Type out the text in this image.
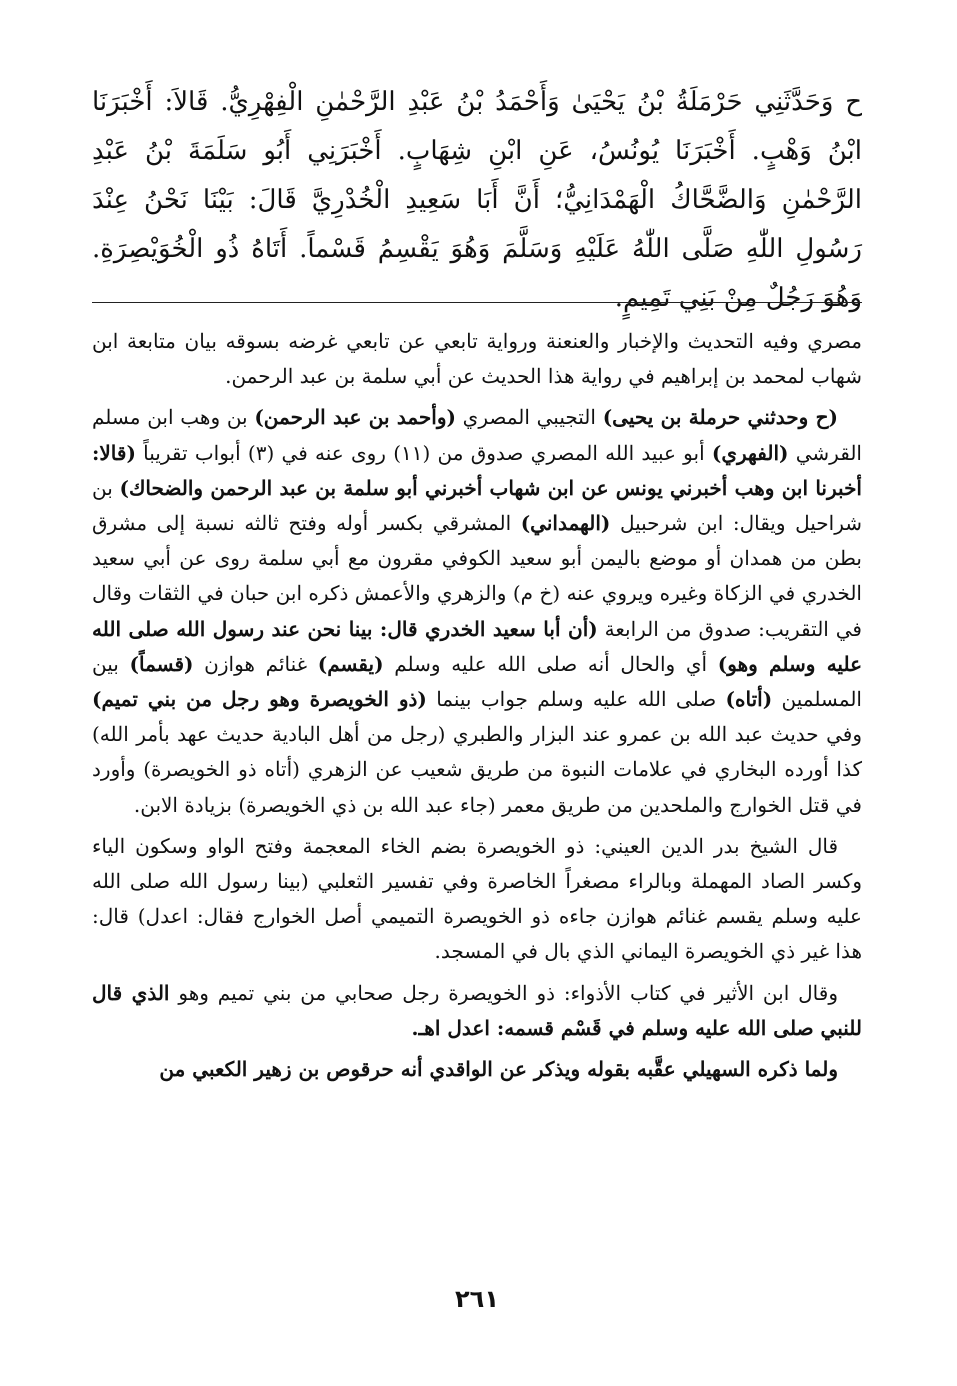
ح وَحَدَّثَنِي حَرْمَلَةُ بْنُ يَحْيَىٰ وَأَحْمَدُ بْنُ عَبْدِ الرَّحْمٰنِ الْفِهْرِيُّ. قَالاَ: أَخْبَرَنَا ابْنُ وَهْبٍ. أَخْبَرَنَا يُونُسُ، عَنِ ابْنِ شِهَابٍ. أَخْبَرَنِي أَبُو سَلَمَةَ بْنُ عَبْدِ الرَّحْمٰنِ وَالضَّحَّاكُ الْهَمْدَانِيُّ؛ أَنَّ أَبَا سَعِيدِ الْخُدْرِيَّ قَالَ: بَيْنَا نَحْنُ عِنْدَ رَسُولِ اللّٰهِ صَلَّى اللّٰهُ عَلَيْهِ وَسَلَّمَ وَهُوَ يَقْسِمُ قَسْماً. أَتَاهُ ذُو الْخُوَيْصِرَةِ. وَهُوَ رَجُلٌ مِنْ بَنِي تَمِيمٍ.

مصري وفيه التحديث والإخبار والعنعنة ورواية تابعي عن تابعي غرضه بسوقه بيان متابعة ابن شهاب لمحمد بن إبراهيم في رواية هذا الحديث عن أبي سلمة بن عبد الرحمن.

(ح وحدثني حرملة بن يحيى) التجيبي المصري (وأحمد بن عبد الرحمن) بن وهب ابن مسلم القرشي (الفهري) أبو عبيد الله المصري صدوق من (١١) روى عنه في (٣) أبواب تقريباً (قالا: أخبرنا ابن وهب أخبرني يونس عن ابن شهاب أخبرني أبو سلمة بن عبد الرحمن والضحاك) بن شراحيل ويقال: ابن شرحبيل (الهمداني) المشرقي بكسر أوله وفتح ثالثه نسبة إلى مشرق بطن من همدان أو موضع باليمن أبو سعيد الكوفي مقرون مع أبي سلمة روى عن أبي سعيد الخدري في الزكاة وغيره ويروي عنه (خ م) والزهري والأعمش ذكره ابن حبان في الثقات وقال في التقريب: صدوق من الرابعة (أن أبا سعيد الخدري قال: بينا نحن عند رسول الله صلى الله عليه وسلم وهو) أي والحال أنه صلى الله عليه وسلم (يقسم) غنائم هوازن (قسماً) بين المسلمين (أتاه) صلى الله عليه وسلم جواب بينما (ذو الخويصرة وهو رجل من بني تميم) وفي حديث عبد الله بن عمرو عند البزار والطبري (رجل من أهل البادية حديث عهد بأمر الله) كذا أورده البخاري في علامات النبوة من طريق شعيب عن الزهري (أتاه ذو الخويصرة) وأورد في قتل الخوارج والملحدين من طريق معمر (جاء عبد الله بن ذي الخويصرة) بزيادة الابن.

قال الشيخ بدر الدين العيني: ذو الخويصرة بضم الخاء المعجمة وفتح الواو وسكون الياء وكسر الصاد المهملة وبالراء مصغراً الخاصرة وفي تفسير الثعلبي (بينا رسول الله صلى الله عليه وسلم يقسم غنائم هوازن جاءه ذو الخويصرة التميمي أصل الخوارج فقال: اعدل) قال: هذا غير ذي الخويصرة اليماني الذي بال في المسجد.

وقال ابن الأثير في كتاب الأذواء: ذو الخويصرة رجل صحابي من بني تميم وهو الذي قال للنبي صلى الله عليه وسلم في قَسْم قسمه: اعدل اهـ.

ولما ذكره السهيلي عقَّبه بقوله ويذكر عن الواقدي أنه حرقوص بن زهير الكعبي من

٢٦١
